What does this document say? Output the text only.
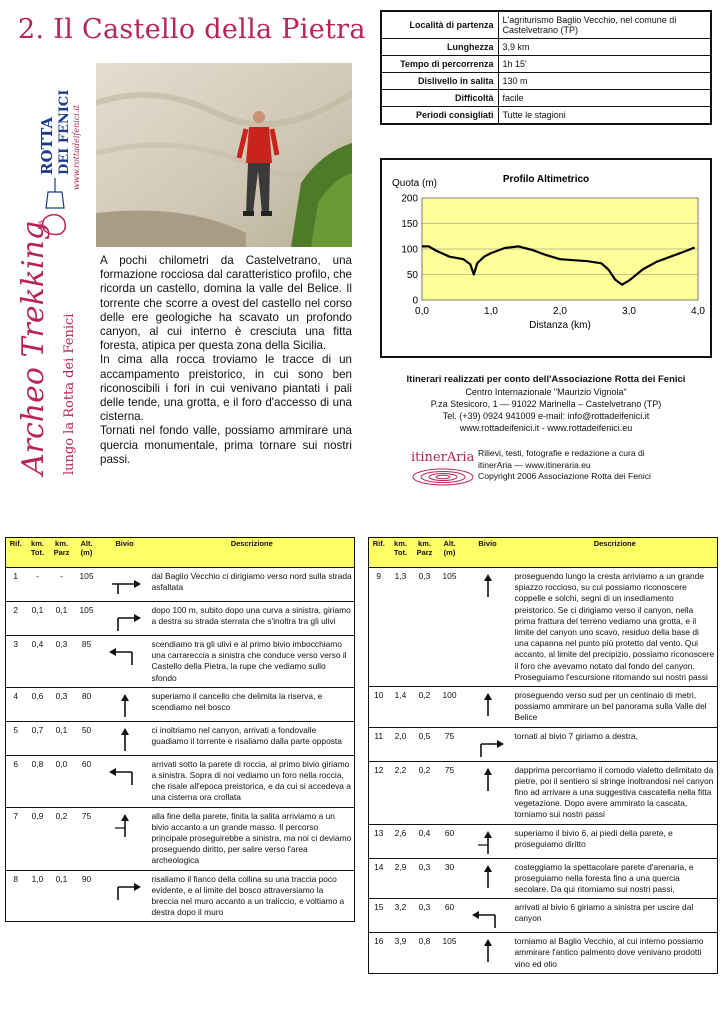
2. Il Castello della Pietra
ROTTA DEI FENICI
LA
www.rottadeifenici.it
Archeo Trekking lungo la Rotta dei Fenici
A pochi chilometri da Castelvetrano, una formazione rocciosa dal caratteristico profilo, che ricorda un castello, domina la valle del Belice. Il torrente che scorre a ovest del castello nel corso delle ere geologiche ha scavato un profondo canyon, al cui interno è cresciuta una fitta foresta, atipica per questa zona della Sicilia.
In cima alla rocca troviamo le tracce di un accampamento preistorico, in cui sono ben riconoscibili i fori in cui venivano piantati i pali delle tende, una grotta, e il foro d'accesso di una cisterna.
Tornati nel fondo valle, possiamo ammirare una quercia monumentale, prima tornare sui nostri passi.
Località di partenza	L'agriturismo Baglio Vecchio, nel comune di Castelvetrano (TP)
Lunghezza	3,9 km
Tempo di percorrenza	1h 15'
Dislivello in salita	130 m
Difficoltà	facile
Periodi consigliati	Tutte le stagioni
Profilo Altimetrico
Quota (m)
0
50
100
150
200
0,0	1,0	2,0	3,0	4,0
Distanza (km)
Itinerari realizzati per conto dell'Associazione Rotta dei Fenici
Centro Internazionale "Maurizio Vignola"
P.za Stesicoro, 1 — 91022 Marinella – Castelvetrano (TP)
Tel. (+39) 0924 941009 e-mail: info@rottadeifenici.it
www.rottadeifenici.it - www.rottadeifenici.eu
itinerAria Rilievi, testi, fotografie e redazione a cura di
itinerAria — www.itineraria.eu
Copyright 2006 Associazione Rotta dei Fenici
Rif.	km. Tot.	km. Parz	Alt. (m)	Bivio	Descrizione
1	-	-	105		dal Baglio Vecchio ci dirigiamo verso nord sulla strada asfaltata
2	0,1	0,1	105		dopo 100 m, subito dopo una curva a sinistra, giriamo a destra su strada sterrata che s'inoltra tra gli ulivi
3	0,4	0,3	85		scendiamo tra gli ulivi e al primo bivio imbocchiamo una carrareccia a sinistra che conduce verso verso il Castello della Pietra, la rupe che vediamo sullo sfondo
4	0,6	0,3	80		superiamo il cancello che delimita la riserva, e scendiamo nel bosco
5	0,7	0,1	50		ci inoltriamo nel canyon, arrivati a fondovalle guadiamo il torrente e risaliamo dalla parte opposta
6	0,8	0,0	60		arrivati sotto la parete di roccia, al primo bivio giriamo a sinistra. Sopra di noi vediamo un foro nella roccia, che risale all'epoca preistorica, e da cui si accedeva a una cisterna ora crollata
7	0,9	0,2	75		alla fine della parete, finita la salita arriviamo a un bivio accanto a un grande masso. Il percorso principale proseguirebbe a sinistra, ma noi ci deviamo proseguendo diritto, per salire verso l'area archeologica
8	1,0	0,1	90		risaliamo il fianco della collina su una traccia poco evidente, e al limite del bosco attraversiamo la breccia nel muro accanto a un traliccio, e voltiamo a destra dopo il muro
Rif.	km. Tot.	km. Parz	Alt. (m)	Bivio	Descrizione
9	1,3	0,3	105		proseguendo lungo la cresta arriviamo a un grande spiazzo roccioso, su cui possiamo riconoscere coppelle e solchi, segni di un insediamento preistorico. Se ci dirigiamo verso il canyon, nella prima frattura del terreno vediamo una grotta, e il limite del canyon uno scavo, residuo della base di una capanna nel punto più protetto dal vento. Qui accanto, al limite del precipizio, possiamo riconoscere il foro che avevamo notato dal fondo del canyon. Proseguiamo l'escursione ritornando sui nostri passi
10	1,4	0,2	100		proseguendo verso sud per un centinaio di metri, possiamo ammirare un bel panorama sulla Valle del Belice
11	2,0	0,5	75		tornati al bivio 7 giriamo a destra,
12	2,2	0,2	75		dapprima percorriamo il comodo vialetto delimitato da pietre, poi il sentiero si stringe inoltrandosi nel canyon fino ad arrivare a una suggestiva cascatella nella fitta vegetazione. Dopo avere ammirato la cascata, torniamo sui nostri passi
13	2,6	0,4	60		superiamo il bivio 6, ai piedi della parete, e proseguiamo diritto
14	2,9	0,3	30		costeggiamo la spettacolare parete d'arenaria, e proseguiamo nella foresta fino a una quercia secolare. Da qui ritorniamo sui nostri passi,
15	3,2	0,3	60		arrivati al bivio 6 giriamo a sinistra per uscire dal canyon
16	3,9	0,8	105		torniamo al Baglio Vecchio, al cui interno possiamo ammirare l'antico palmento dove venivano prodotti vino ed olio
